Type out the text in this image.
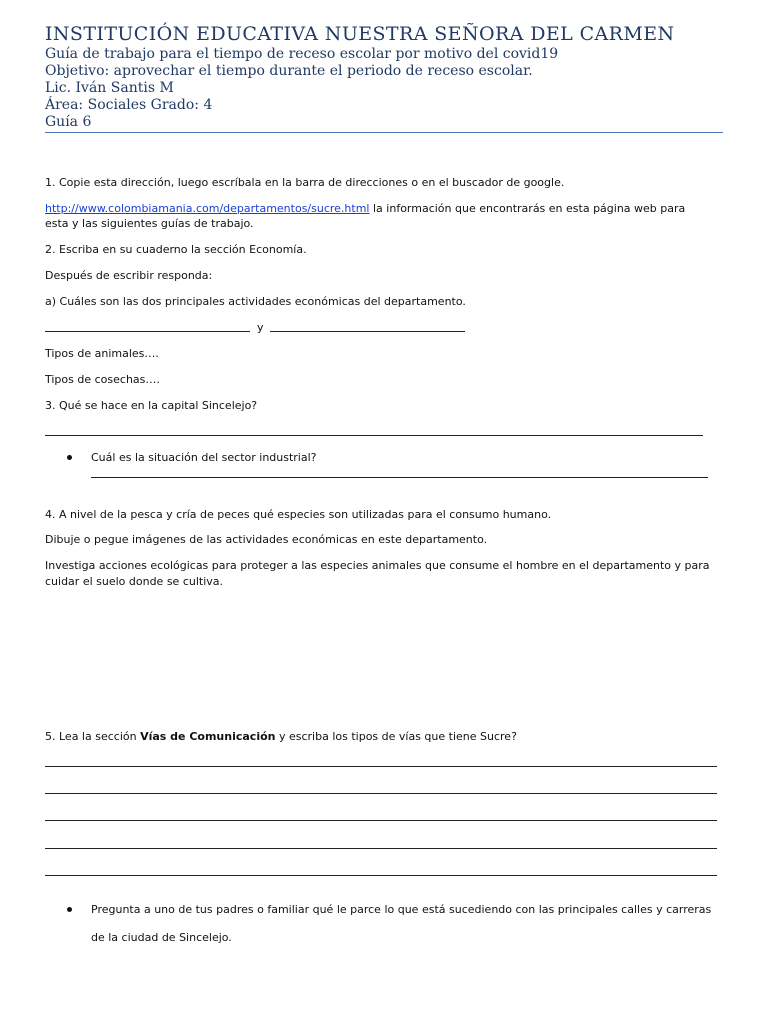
INSTITUCIÓN EDUCATIVA NUESTRA SEÑORA DEL CARMEN
Guía de trabajo para el tiempo de receso escolar por motivo del covid19
Objetivo: aprovechar el tiempo durante el periodo de receso escolar.
Lic. Iván Santis M
Área: Sociales Grado: 4
Guía 6
1. Copie esta dirección, luego escríbala en la barra de direcciones o en el buscador de google.
http://www.colombiamania.com/departamentos/sucre.html la información que encontrarás en esta página web para
esta y las siguientes guías de trabajo.
2. Escriba en su cuaderno la sección Economía.
Después de escribir responda:
a) Cuáles son las dos principales actividades económicas del departamento.
y
Tipos de animales….
Tipos de cosechas….
3. Qué se hace en la capital Sincelejo?
Cuál es la situación del sector industrial?
4. A nivel de la pesca y cría de peces qué especies son utilizadas para el consumo humano.
Dibuje o pegue imágenes de las actividades económicas en este departamento.
Investiga acciones ecológicas para proteger a las especies animales que consume el hombre en el departamento y para
cuidar el suelo donde se cultiva.
5. Lea la sección Vías de Comunicación y escriba los tipos de vías que tiene Sucre?
Pregunta a uno de tus padres o familiar qué le parce lo que está sucediendo con las principales calles y carreras
de la ciudad de Sincelejo.
